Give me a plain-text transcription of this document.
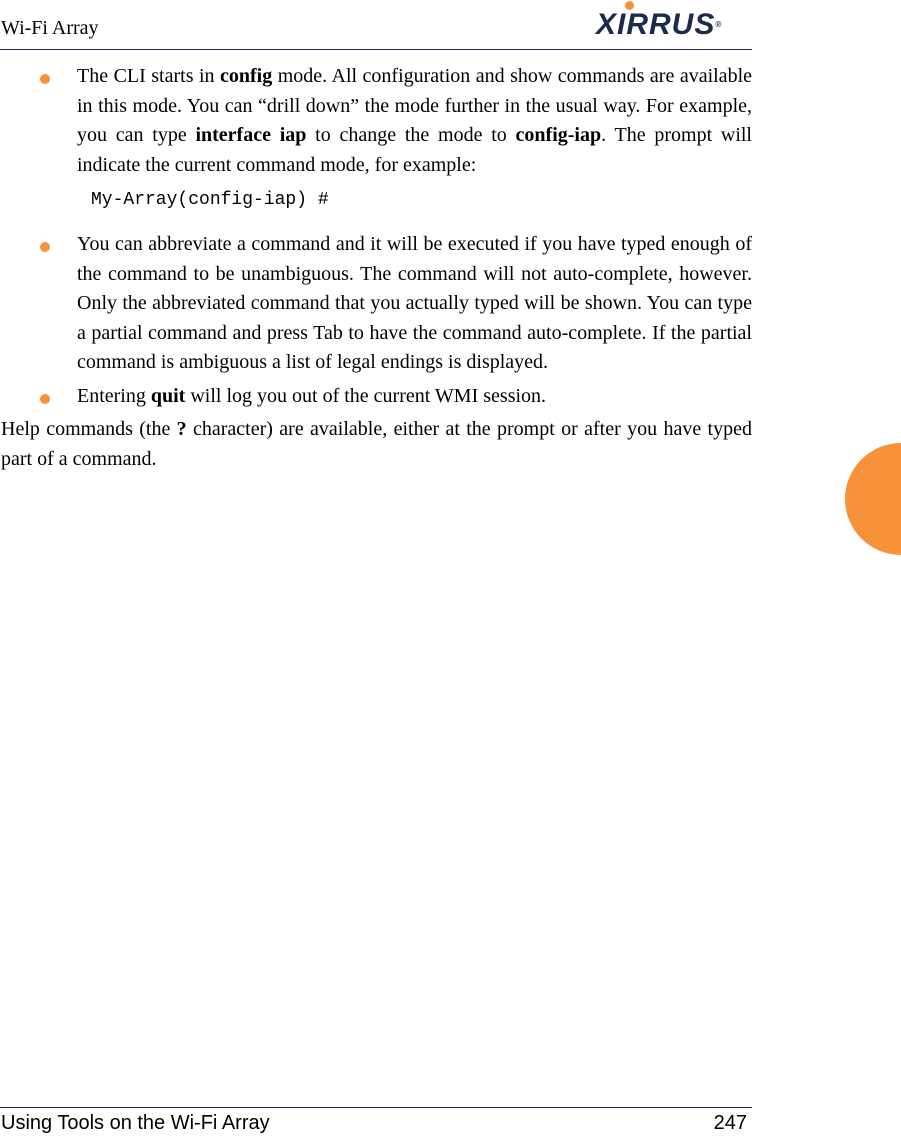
Wi-Fi Array	XIRRUS®
The CLI starts in config mode. All configuration and show commands are available in this mode. You can “drill down” the mode further in the usual way. For example, you can type interface iap to change the mode to config-iap. The prompt will indicate the current command mode, for example:
My-Array(config-iap) #
You can abbreviate a command and it will be executed if you have typed enough of the command to be unambiguous. The command will not auto-complete, however. Only the abbreviated command that you actually typed will be shown. You can type a partial command and press Tab to have the command auto-complete. If the partial command is ambiguous a list of legal endings is displayed.
Entering quit will log you out of the current WMI session.
Help commands (the ? character) are available, either at the prompt or after you have typed part of a command.
Using Tools on the Wi-Fi Array	247
